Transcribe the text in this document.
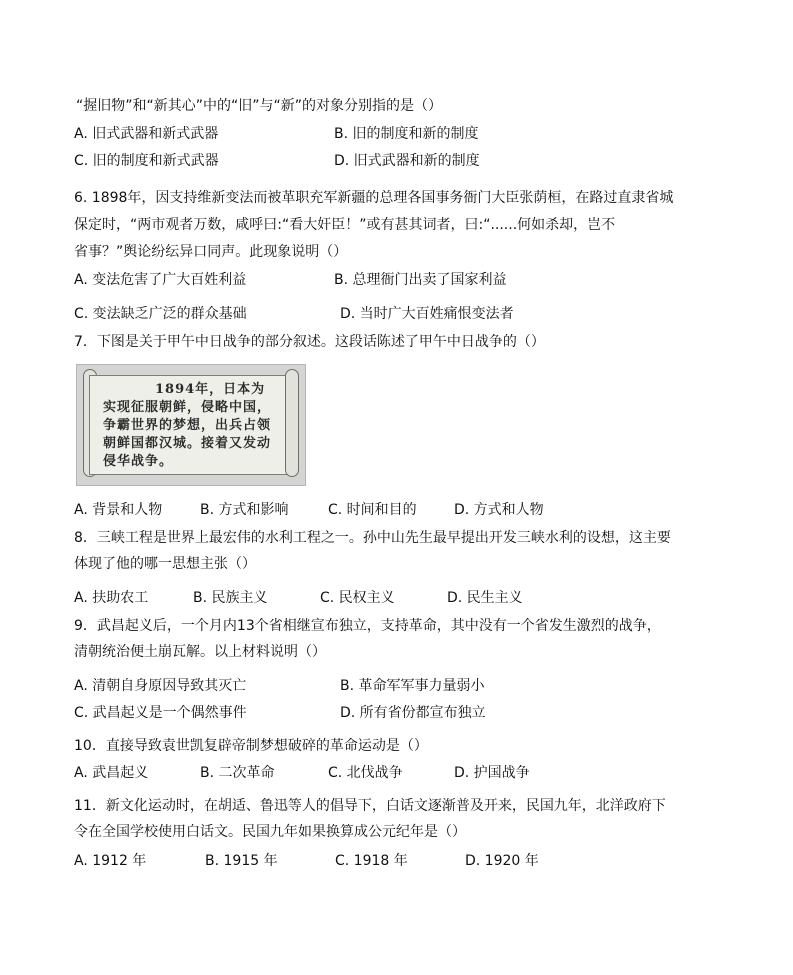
“握旧物”和“新其心”中的“旧”与“新”的对象分别指的是（）
A. 旧式武器和新式武器	B. 旧的制度和新的制度
C. 旧的制度和新式武器	D. 旧式武器和新的制度
6. 1898年，因支持维新变法而被革职充军新疆的总理各国事务衙门大臣张荫桓，在路过直隶省城
保定时，“两市观者万数，咸呼曰:“看大奸臣！”或有甚其词者，曰:“......何如杀却，岂不
省事？”舆论纷纭异口同声。此现象说明（）
A. 变法危害了广大百姓利益	B. 总理衙门出卖了国家利益
C. 变法缺乏广泛的群众基础	D. 当时广大百姓痛恨变法者
7．下图是关于甲午中日战争的部分叙述。这段话陈述了甲午中日战争的（）
1894年，日本为实现征服朝鲜，侵略中国，争霸世界的梦想，出兵占领朝鲜国都汉城。接着又发动侵华战争。
A. 背景和人物	B. 方式和影响	C. 时间和目的	D. 方式和人物
8．三峡工程是世界上最宏伟的水利工程之一。孙中山先生最早提出开发三峡水利的设想，这主要
体现了他的哪一思想主张（）
A. 扶助农工	B. 民族主义	C. 民权主义	D. 民生主义
9．武昌起义后，一个月内13个省相继宣布独立，支持革命，其中没有一个省发生激烈的战争，
清朝统治便土崩瓦解。以上材料说明（）
A. 清朝自身原因导致其灭亡	B. 革命军军事力量弱小
C. 武昌起义是一个偶然事件	D. 所有省份都宣布独立
10．直接导致袁世凯复辟帝制梦想破碎的革命运动是（）
A. 武昌起义	B. 二次革命	C. 北伐战争	D. 护国战争
11．新文化运动时，在胡适、鲁迅等人的倡导下，白话文逐渐普及开来，民国九年，北洋政府下
令在全国学校使用白话文。民国九年如果换算成公元纪年是（）
A. 1912 年	B. 1915 年	C. 1918 年	D. 1920 年
